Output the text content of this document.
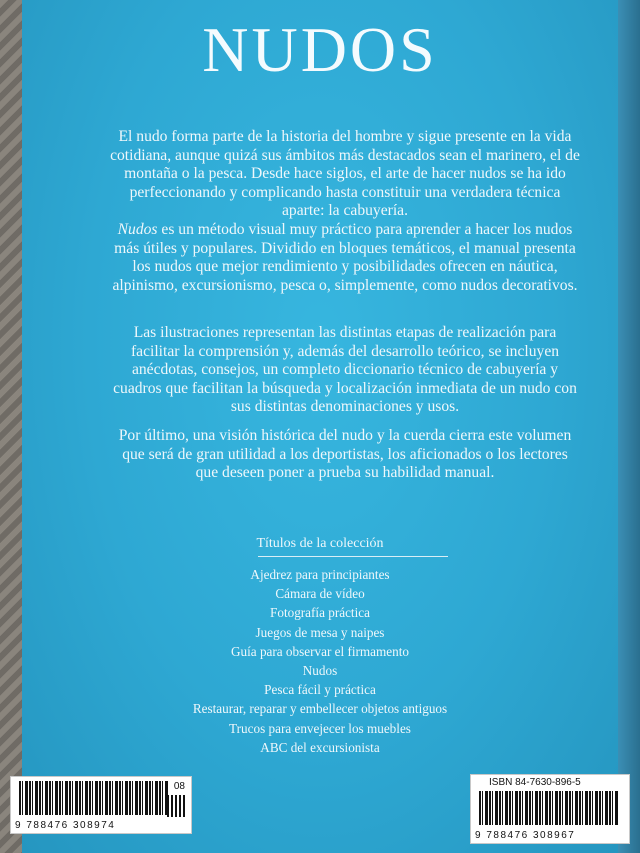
NUDOS

El nudo forma parte de la historia del hombre y sigue presente en la vida cotidiana, aunque quizá sus ámbitos más destacados sean el marinero, el de montaña o la pesca. Desde hace siglos, el arte de hacer nudos se ha ido perfeccionando y complicando hasta constituir una verdadera técnica aparte: la cabuyería.

Nudos es un método visual muy práctico para aprender a hacer los nudos más útiles y populares. Dividido en bloques temáticos, el manual presenta los nudos que mejor rendimiento y posibilidades ofrecen en náutica, alpinismo, excursionismo, pesca o, simplemente, como nudos decorativos.

Las ilustraciones representan las distintas etapas de realización para facilitar la comprensión y, además del desarrollo teórico, se incluyen anécdotas, consejos, un completo diccionario técnico de cabuyería y cuadros que facilitan la búsqueda y localización inmediata de un nudo con sus distintas denominaciones y usos.

Por último, una visión histórica del nudo y la cuerda cierra este volumen que será de gran utilidad a los deportistas, los aficionados o los lectores que deseen poner a prueba su habilidad manual.

Títulos de la colección
Ajedrez para principiantes
Cámara de vídeo
Fotografía práctica
Juegos de mesa y naipes
Guía para observar el firmamento
Nudos
Pesca fácil y práctica
Restaurar, reparar y embellecer objetos antiguos
Trucos para envejecer los muebles
ABC del excursionista
08
9 788476 308974
ISBN 84-7630-896-5
9 788476 308967
